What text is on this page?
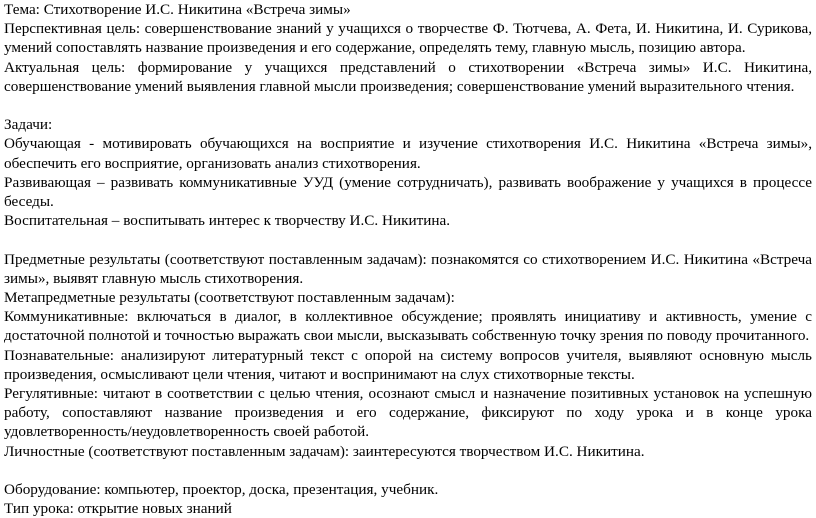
Тема: Стихотворение И.С. Никитина «Встреча зимы»

Перспективная цель: совершенствование знаний у учащихся о творчестве Ф. Тютчева, А. Фета, И. Никитина, И. Сурикова, умений сопоставлять название произведения и его содержание, определять тему, главную мысль, позицию автора.

Актуальная цель: формирование у учащихся представлений о стихотворении «Встреча зимы» И.С. Никитина, совершенствование умений выявления главной мысли произведения; совершенствование умений выразительного чтения.

Задачи:

Обучающая - мотивировать обучающихся на восприятие и изучение стихотворения И.С. Никитина «Встреча зимы», обеспечить его восприятие, организовать анализ стихотворения.

Развивающая – развивать коммуникативные УУД (умение сотрудничать), развивать воображение у учащихся в процессе беседы.

Воспитательная – воспитывать интерес к творчеству И.С. Никитина.

Предметные результаты (соответствуют поставленным задачам): познакомятся со стихотворением И.С. Никитина «Встреча зимы», выявят главную мысль стихотворения.

Метапредметные результаты (соответствуют поставленным задачам):

Коммуникативные: включаться в диалог, в коллективное обсуждение; проявлять инициативу и активность, умение с достаточной полнотой и точностью выражать свои мысли, высказывать собственную точку зрения по поводу прочитанного.

Познавательные: анализируют литературный текст с опорой на систему вопросов учителя, выявляют основную мысль произведения, осмысливают цели чтения, читают и воспринимают на слух стихотворные тексты.

Регулятивные: читают в соответствии с целью чтения, осознают смысл и назначение позитивных установок на успешную работу, сопоставляют название произведения и его содержание, фиксируют по ходу урока и в конце урока удовлетворенность/неудовлетворенность своей работой.

Личностные (соответствуют поставленным задачам): заинтересуются творчеством И.С. Никитина.

Оборудование: компьютер, проектор, доска, презентация, учебник.

Тип урока: открытие новых знаний
